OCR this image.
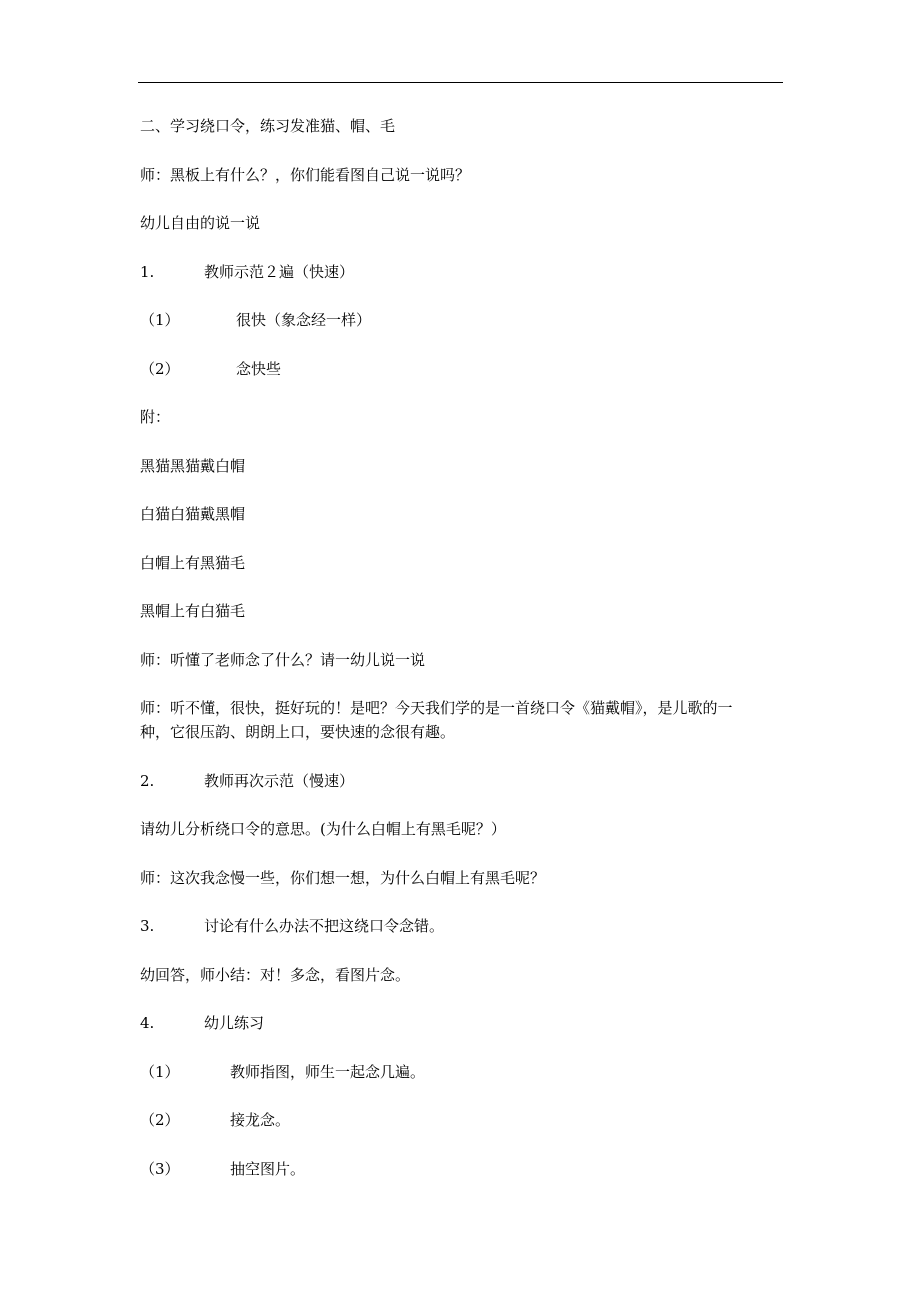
二、学习绕口令，练习发准猫、帽、毛
师：黑板上有什么？，你们能看图自己说一说吗？
幼儿自由的说一说
1.	教师示范２遍（快速）
（1）	很快（象念经一样）
（2）	念快些
附：
黑猫黑猫戴白帽
白猫白猫戴黑帽
白帽上有黑猫毛
黑帽上有白猫毛
师：听懂了老师念了什么？请一幼儿说一说
师：听不懂，很快，挺好玩的！是吧？今天我们学的是一首绕口令《猫戴帽》，是儿歌的一
种，它很压韵、朗朗上口，要快速的念很有趣。
2.	教师再次示范（慢速）
请幼儿分析绕口令的意思。(为什么白帽上有黑毛呢？）
师：这次我念慢一些，你们想一想，为什么白帽上有黑毛呢？
3.	讨论有什么办法不把这绕口令念错。
幼回答，师小结：对！多念，看图片念。
4.	幼儿练习
（1）	教师指图，师生一起念几遍。
（2）	接龙念。
（3）	抽空图片。
